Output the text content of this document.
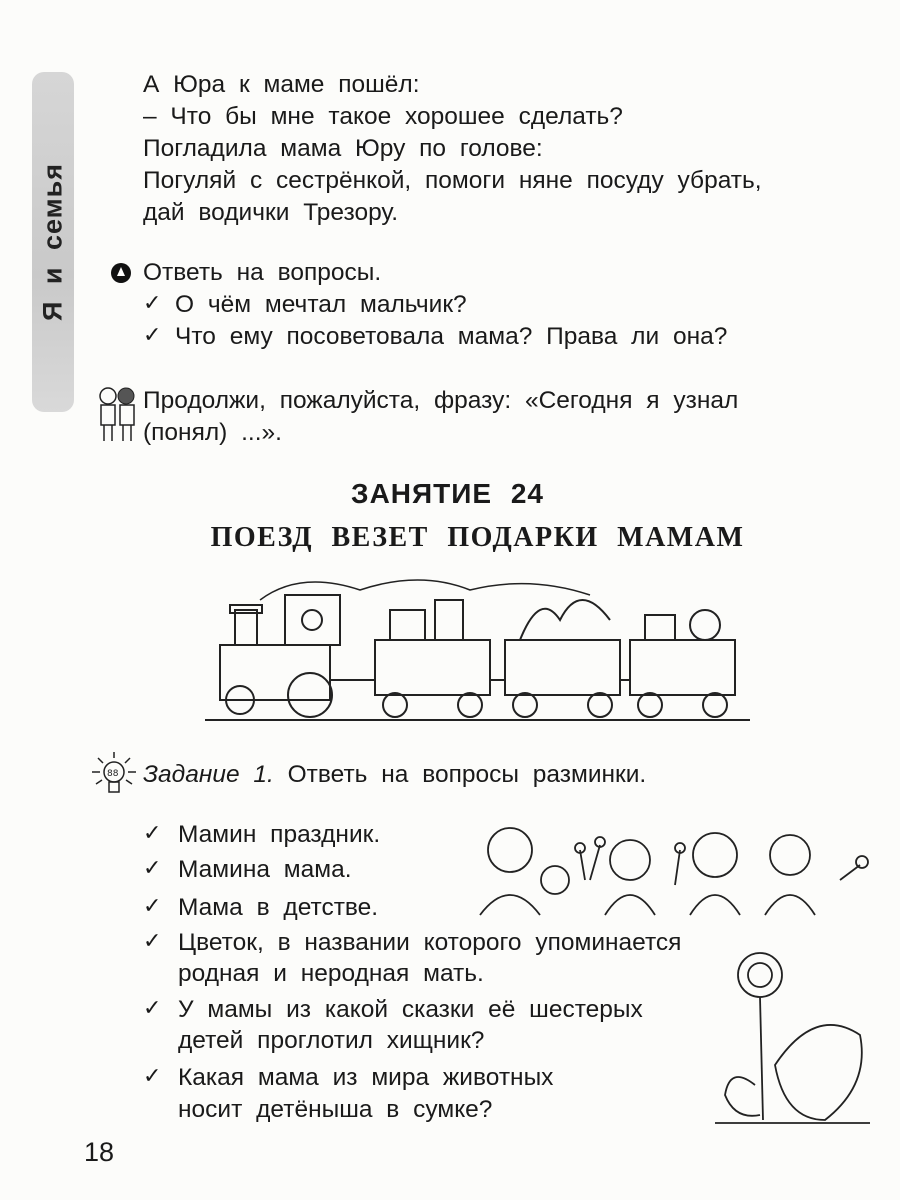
Я и семья
А Юра к маме пошёл:
– Что бы мне такое хорошее сделать?
Погладила мама Юру по голове:
Погуляй с сестрёнкой, помоги няне посуду убрать,
дай водички Трезору.
Ответь на вопросы.
✓ О чём мечтал мальчик?
✓ Что ему посоветовала мама? Права ли она?
Продолжи, пожалуйста, фразу: «Сегодня я узнал
(понял) ...».
ЗАНЯТИЕ 24
ПОЕЗД ВЕЗЕТ ПОДАРКИ МАМАМ
88 Задание 1. Ответь на вопросы разминки.
✓ Мамин праздник.
✓ Мамина мама.
✓ Мама в детстве.
✓ Цветок, в названии которого упоминается
родная и неродная мать.
✓ У мамы из какой сказки её шестерых
детей проглотил хищник?
✓ Какая мама из мира животных
носит детёныша в сумке?
18
